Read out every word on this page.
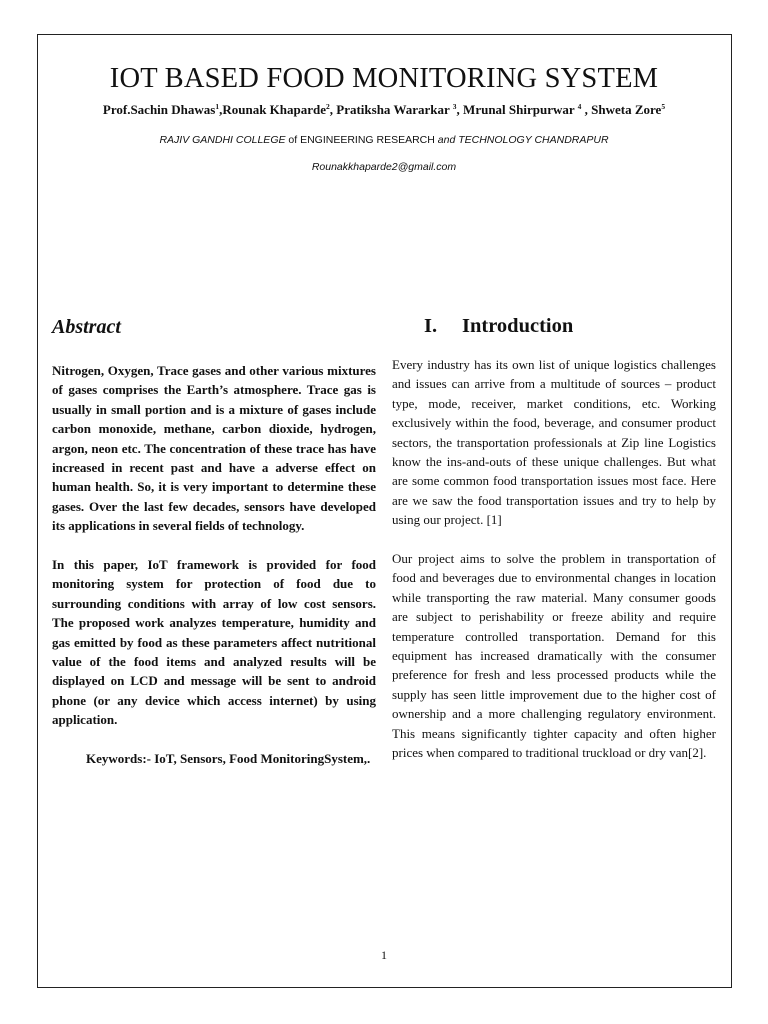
IOT BASED FOOD MONITORING SYSTEM
Prof.Sachin Dhawas$^1$,Rounak Khaparde$^2$, Pratiksha Wararkar $^3$, Mrunal Shirpurwar $^4$ , Shweta Zore$^5$
RAJIV GANDHI COLLEGE of ENGINEERING RESEARCH and TECHNOLOGY CHANDRAPUR
Rounakkhaparde2@gmail.com
Abstract	I. Introduction

Nitrogen, Oxygen, Trace gases and other various mixtures of gases comprises the Earth’s atmosphere. Trace gas is usually in small portion and is a mixture of gases include carbon monoxide, methane, carbon dioxide, hydrogen, argon, neon etc. The concentration of these trace has have increased in recent past and have a adverse effect on human health. So, it is very important to determine these gases. Over the last few decades, sensors have developed its applications in several fields of technology.

In this paper, IoT framework is provided for food monitoring system for protection of food due to surrounding conditions with array of low cost sensors. The proposed work analyzes temperature, humidity and gas emitted by food as these parameters affect nutritional value of the food items and analyzed results will be displayed on LCD and message will be sent to android phone (or any device which access internet) by using application.

Keywords:- IoT, Sensors, Food MonitoringSystem,.

Every industry has its own list of unique logistics challenges and issues can arrive from a multitude of sources – product type, mode, receiver, market conditions, etc. Working exclusively within the food, beverage, and consumer product sectors, the transportation professionals at Zip line Logistics know the ins-and-outs of these unique challenges. But what are some common food transportation issues most face. Here are we saw the food transportation issues and try to help by using our project. [1]

Our project aims to solve the problem in transportation of food and beverages due to environmental changes in location while transporting the raw material. Many consumer goods are subject to perishability or freeze ability and require temperature controlled transportation. Demand for this equipment has increased dramatically with the consumer preference for fresh and less processed products while the supply has seen little improvement due to the higher cost of ownership and a more challenging regulatory environment. This means significantly tighter capacity and often higher prices when compared to traditional truckload or dry van[2].

1
